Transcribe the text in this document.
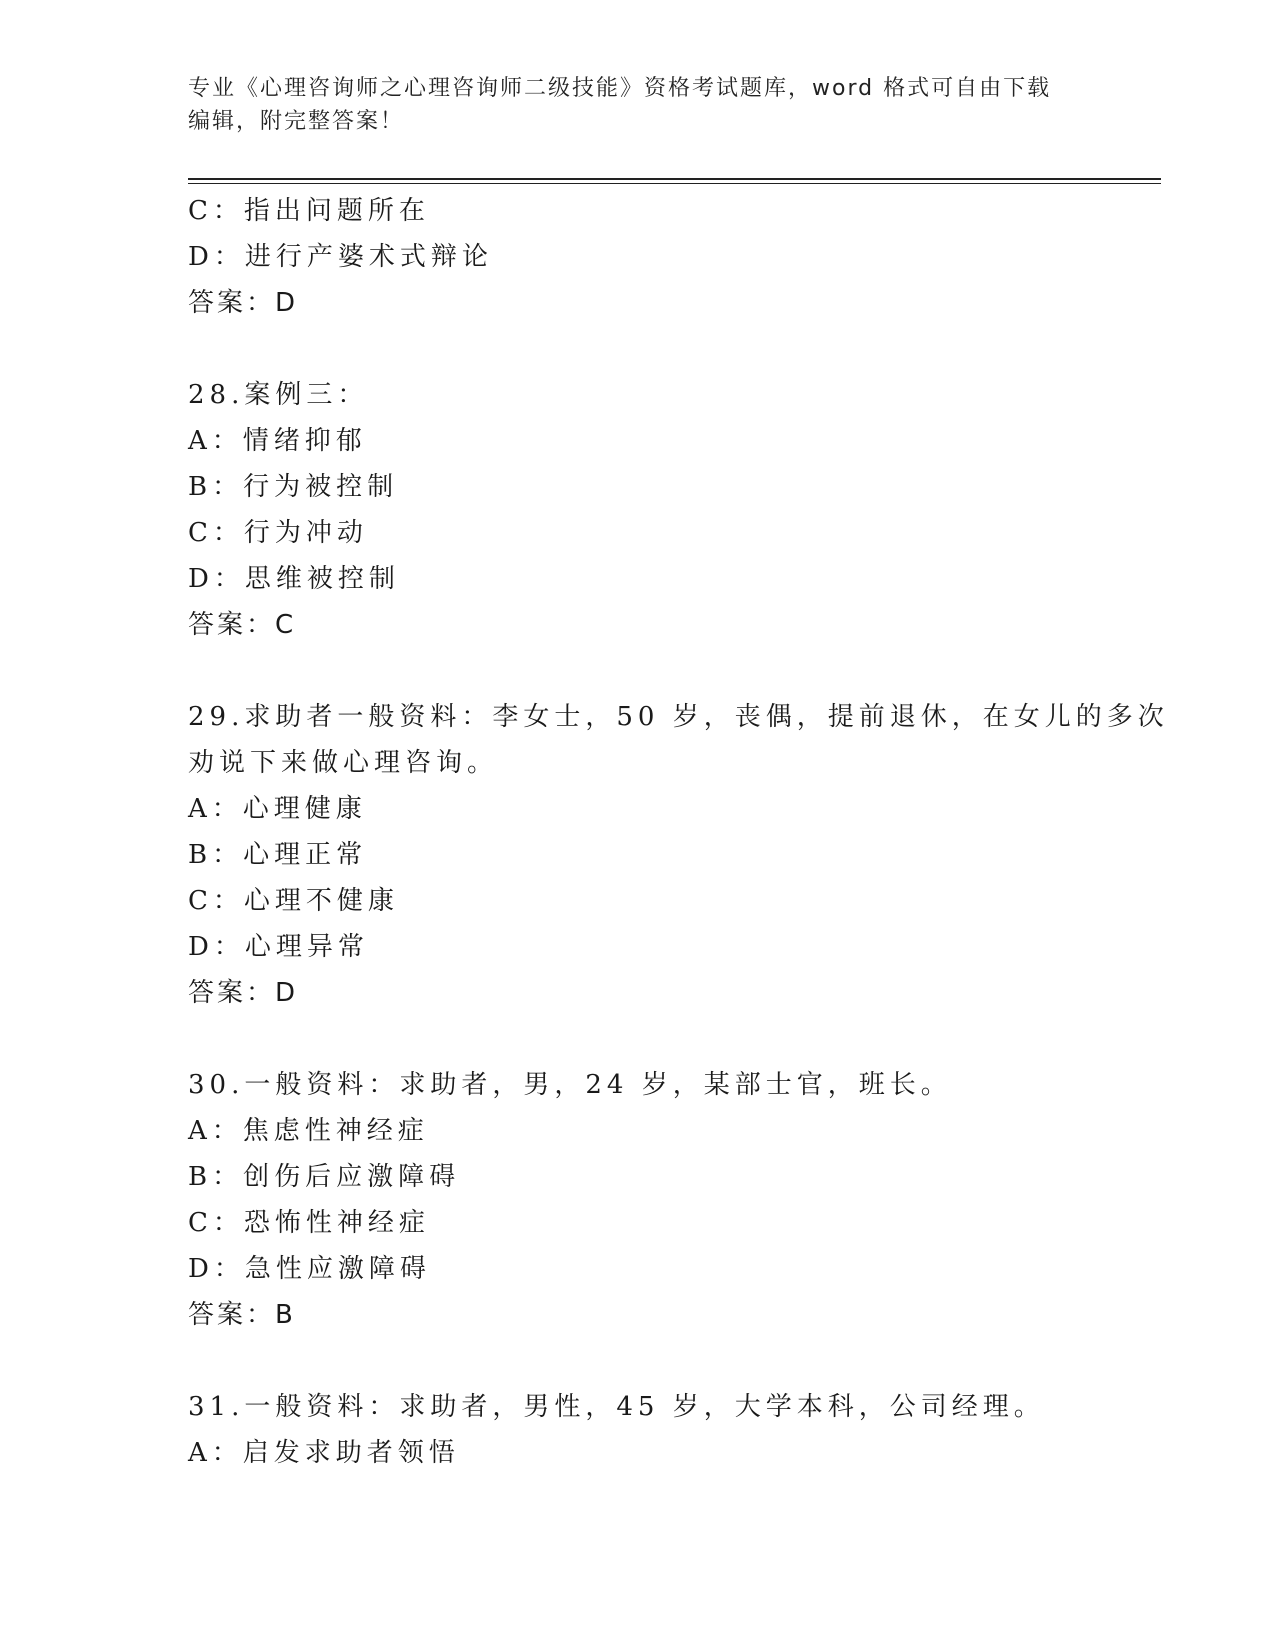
专业《心理咨询师之心理咨询师二级技能》资格考试题库，word 格式可自由下载
编辑，附完整答案！
C：指出问题所在
D：进行产婆术式辩论
答案：D
28.案例三：
A：情绪抑郁
B：行为被控制
C：行为冲动
D：思维被控制
答案：C
29.求助者一般资料：李女士，50 岁，丧偶，提前退休，在女儿的多次
劝说下来做心理咨询。
A：心理健康
B：心理正常
C：心理不健康
D：心理异常
答案：D
30.一般资料：求助者，男，24 岁，某部士官，班长。
A：焦虑性神经症
B：创伤后应激障碍
C：恐怖性神经症
D：急性应激障碍
答案：B
31.一般资料：求助者，男性，45 岁，大学本科，公司经理。
A：启发求助者领悟
